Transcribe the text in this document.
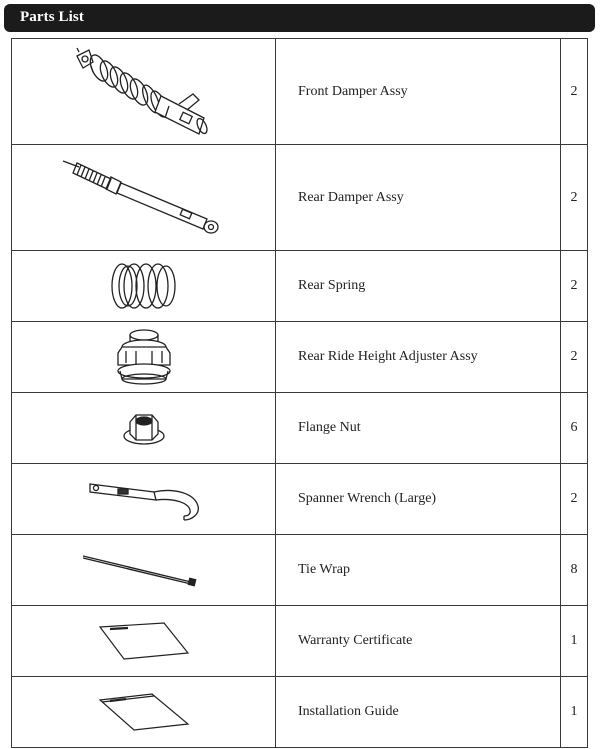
Parts List
	Front Damper Assy	2

	Rear Damper Assy	2

	Rear Spring	2

	Rear Ride Height Adjuster Assy	2

	Flange Nut	6

	Spanner Wrench (Large)	2

	Tie Wrap	8

	Warranty Certificate	1

	Installation Guide	1
